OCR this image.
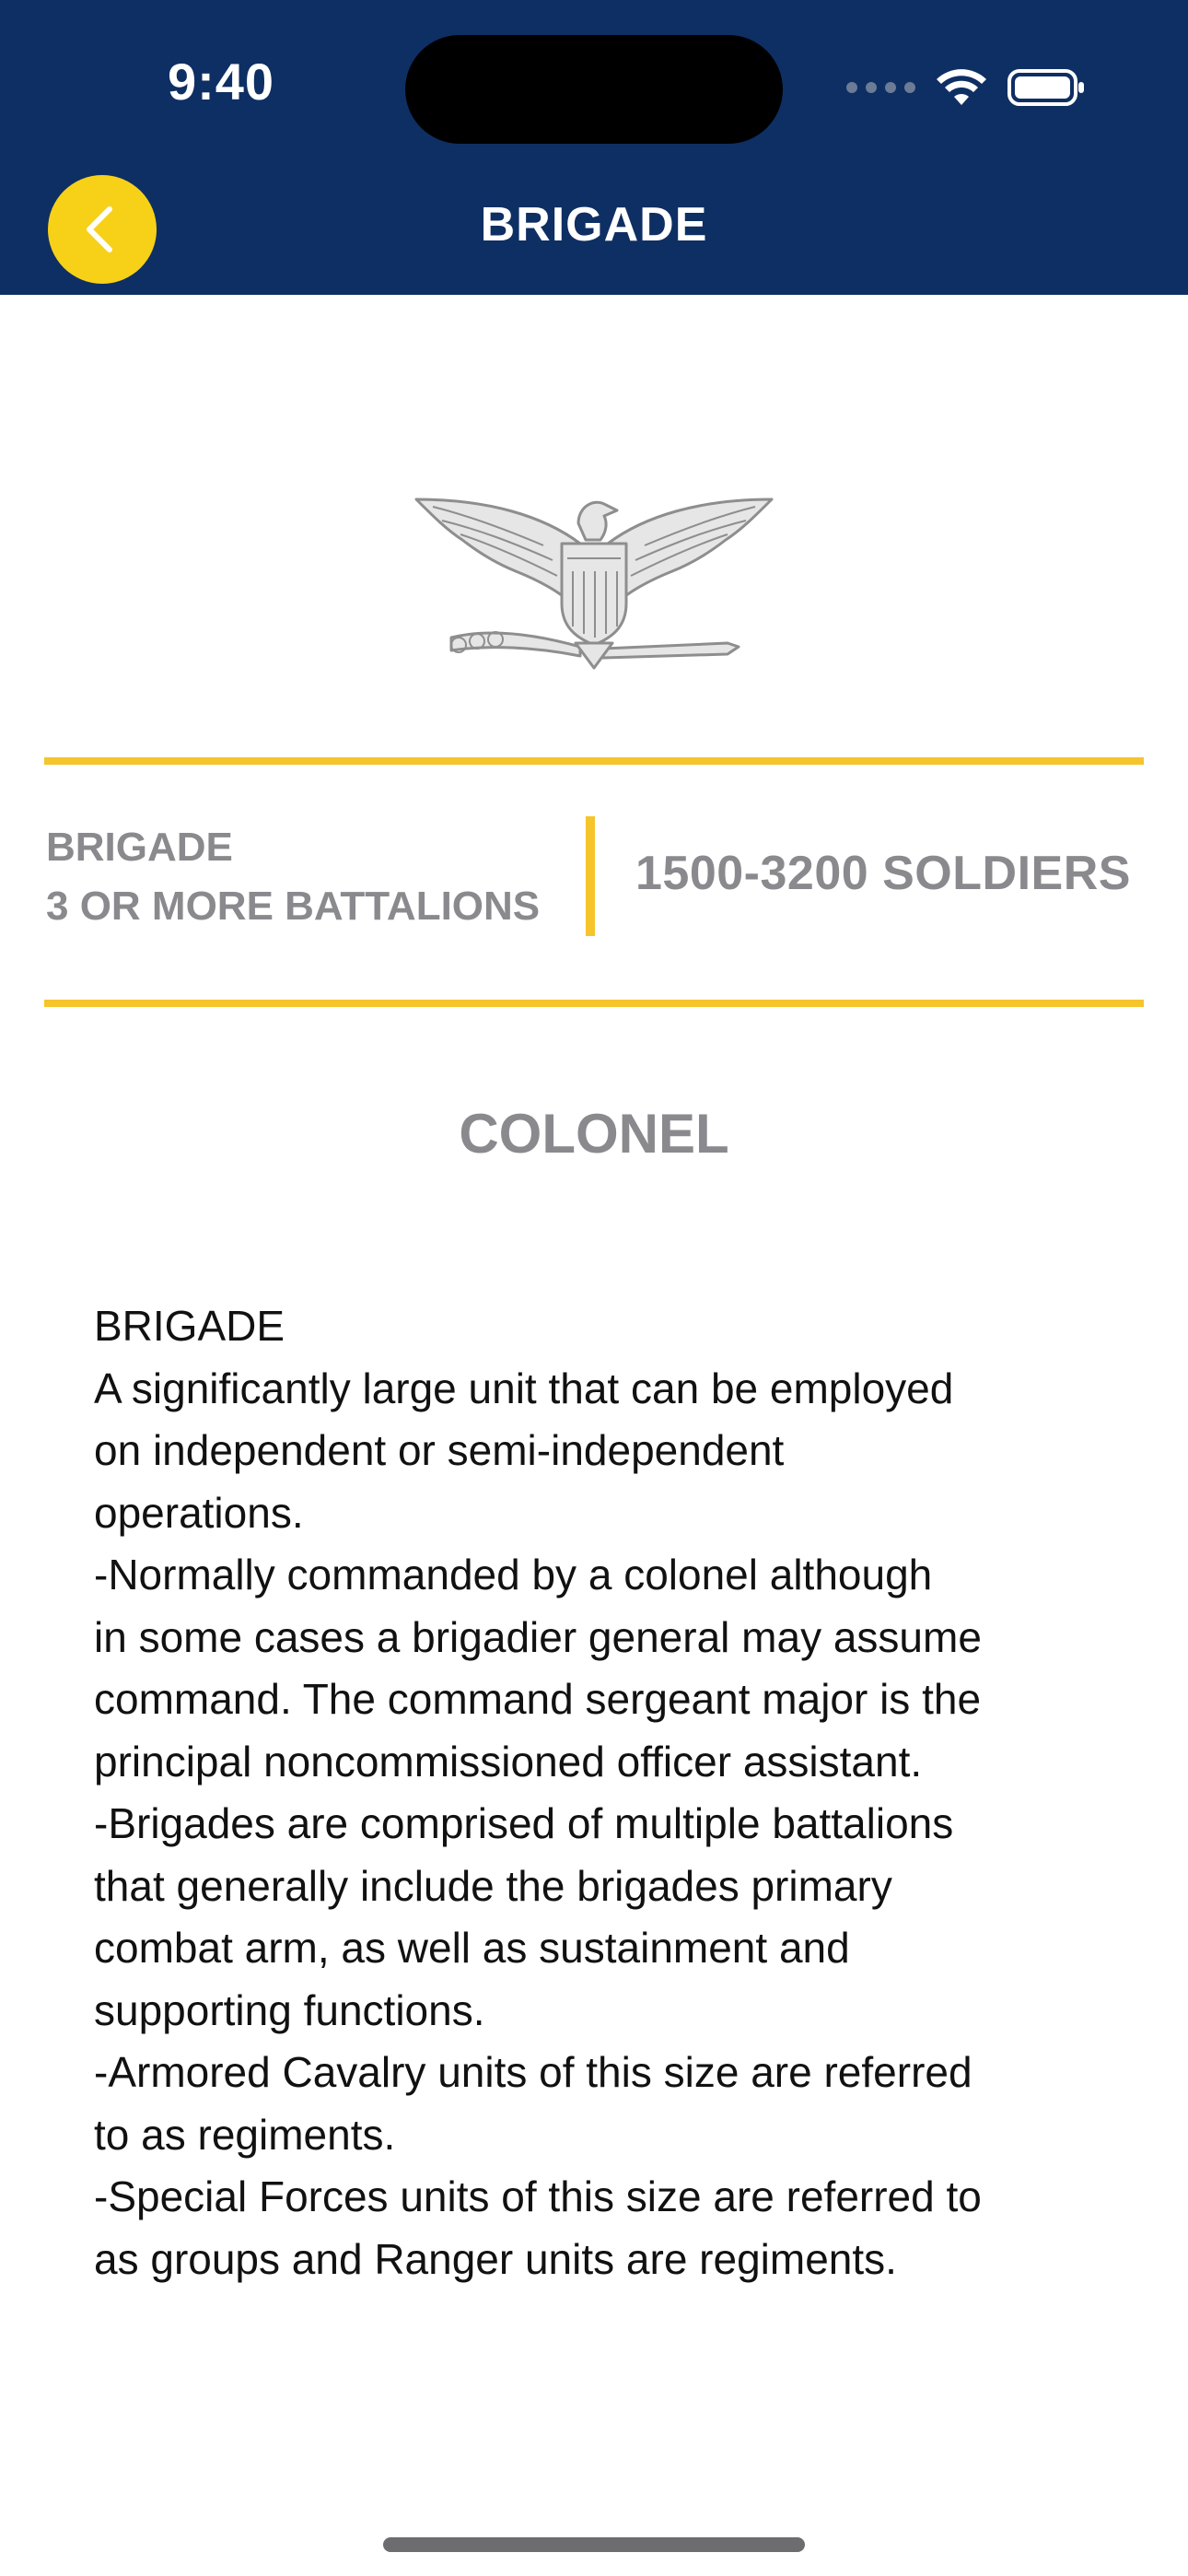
9:40
BRIGADE
BRIGADE
3 OR MORE BATTALIONS
1500-3200 SOLDIERS
COLONEL
BRIGADE
A significantly large unit that can be employed
on independent or semi-independent
operations.
-Normally commanded by a colonel although
in some cases a brigadier general may assume
command. The command sergeant major is the
principal noncommissioned officer assistant.
-Brigades are comprised of multiple battalions
that generally include the brigades primary
combat arm, as well as sustainment and
supporting functions.
-Armored Cavalry units of this size are referred
to as regiments.
-Special Forces units of this size are referred to
as groups and Ranger units are regiments.
